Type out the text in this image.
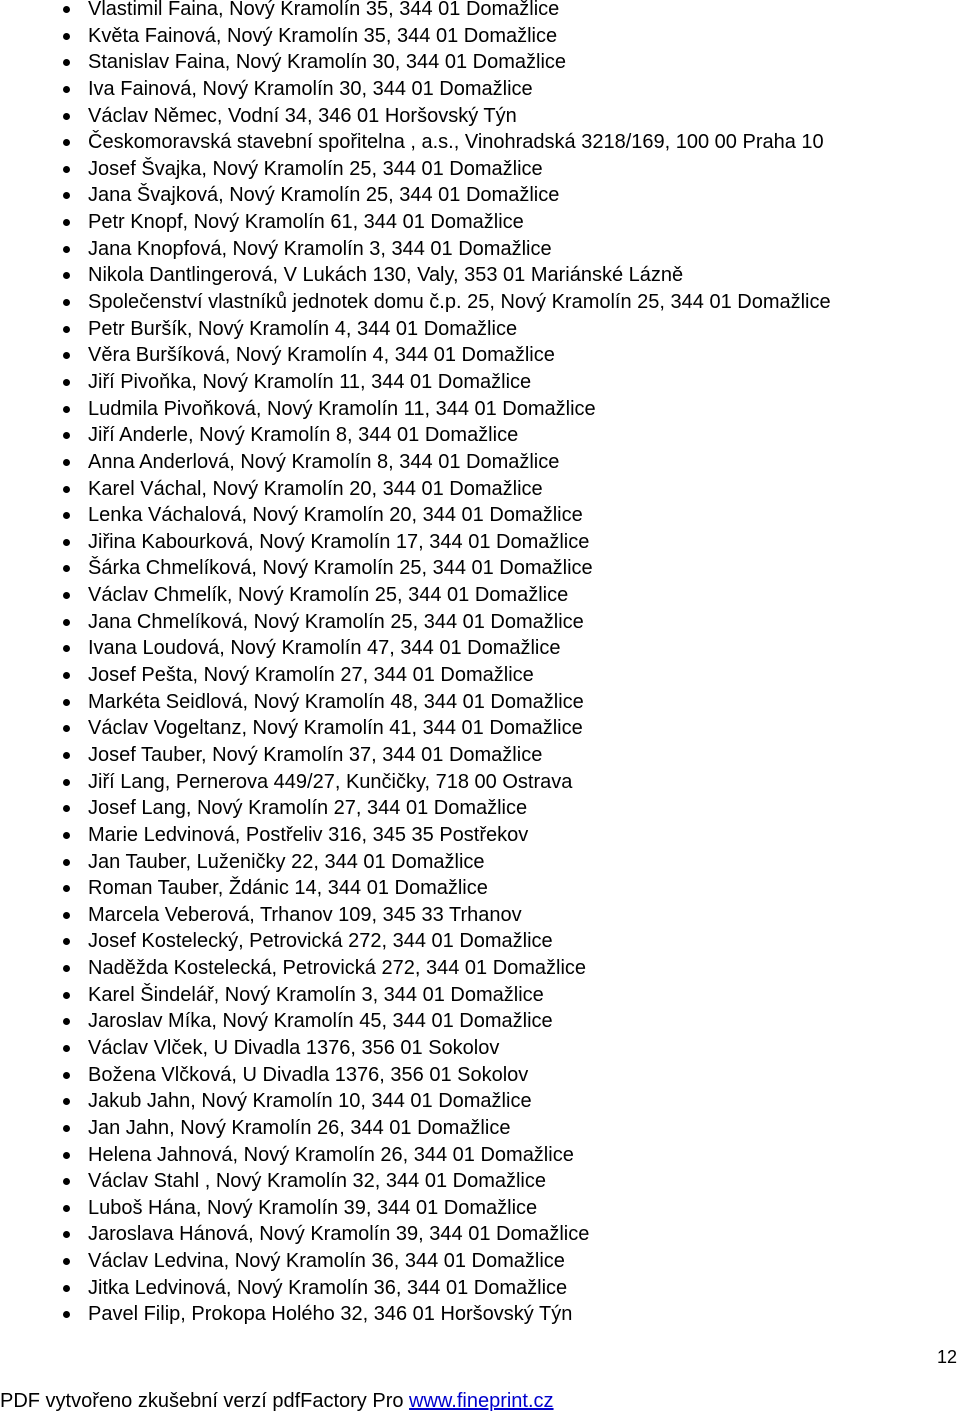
Vlastimil Faina, Nový Kramolín 35, 344 01 Domažlice
Květa Fainová, Nový Kramolín 35, 344 01 Domažlice
Stanislav Faina, Nový Kramolín 30, 344 01 Domažlice
Iva Fainová, Nový Kramolín 30, 344 01 Domažlice
Václav Němec, Vodní 34, 346 01 Horšovský Týn
Českomoravská stavební spořitelna , a.s., Vinohradská 3218/169, 100 00 Praha 10
Josef Švajka, Nový Kramolín 25, 344 01 Domažlice
Jana Švajková, Nový Kramolín 25, 344 01 Domažlice
Petr Knopf, Nový Kramolín 61, 344 01 Domažlice
Jana Knopfová, Nový Kramolín 3, 344 01 Domažlice
Nikola Dantlingerová, V Lukách 130, Valy, 353 01 Mariánské Lázně
Společenství vlastníků jednotek domu č.p. 25, Nový Kramolín 25, 344 01 Domažlice
Petr Buršík, Nový Kramolín 4, 344 01 Domažlice
Věra Buršíková, Nový Kramolín 4, 344 01 Domažlice
Jiří Pivoňka, Nový Kramolín 11, 344 01 Domažlice
Ludmila Pivoňková, Nový Kramolín 11, 344 01 Domažlice
Jiří Anderle, Nový Kramolín 8, 344 01 Domažlice
Anna Anderlová, Nový Kramolín 8, 344 01 Domažlice
Karel Váchal, Nový Kramolín 20, 344 01 Domažlice
Lenka Váchalová, Nový Kramolín 20, 344 01 Domažlice
Jiřina Kabourková, Nový Kramolín 17, 344 01 Domažlice
Šárka Chmelíková, Nový Kramolín 25, 344 01 Domažlice
Václav Chmelík, Nový Kramolín 25, 344 01 Domažlice
Jana Chmelíková, Nový Kramolín 25, 344 01 Domažlice
Ivana Loudová, Nový Kramolín 47, 344 01 Domažlice
Josef Pešta, Nový Kramolín 27, 344 01 Domažlice
Markéta Seidlová, Nový Kramolín 48, 344 01 Domažlice
Václav Vogeltanz, Nový Kramolín 41, 344 01 Domažlice
Josef Tauber, Nový Kramolín 37, 344 01 Domažlice
Jiří Lang, Pernerova 449/27, Kunčičky, 718 00 Ostrava
Josef Lang, Nový Kramolín 27, 344 01 Domažlice
Marie Ledvinová, Postřeliv 316, 345 35 Postřekov
Jan Tauber, Luženičky 22, 344 01 Domažlice
Roman Tauber, Ždánic 14, 344 01 Domažlice
Marcela Veberová, Trhanov 109, 345 33 Trhanov
Josef Kostelecký, Petrovická 272, 344 01 Domažlice
Naděžda Kostelecká, Petrovická 272, 344 01 Domažlice
Karel Šindelář, Nový Kramolín 3, 344 01 Domažlice
Jaroslav Míka, Nový Kramolín 45, 344 01 Domažlice
Václav Vlček, U Divadla 1376, 356 01 Sokolov
Božena Vlčková, U Divadla 1376, 356 01 Sokolov
Jakub Jahn, Nový Kramolín 10, 344 01 Domažlice
Jan Jahn, Nový Kramolín 26, 344 01 Domažlice
Helena Jahnová, Nový Kramolín 26, 344 01 Domažlice
Václav Stahl , Nový Kramolín 32, 344 01 Domažlice
Luboš Hána, Nový Kramolín 39, 344 01 Domažlice
Jaroslava Hánová, Nový Kramolín 39, 344 01 Domažlice
Václav Ledvina, Nový Kramolín 36, 344 01 Domažlice
Jitka Ledvinová, Nový Kramolín 36, 344 01 Domažlice
Pavel Filip, Prokopa Holého 32, 346 01 Horšovský Týn
12
PDF vytvořeno zkušební verzí pdfFactory Pro www.fineprint.cz
